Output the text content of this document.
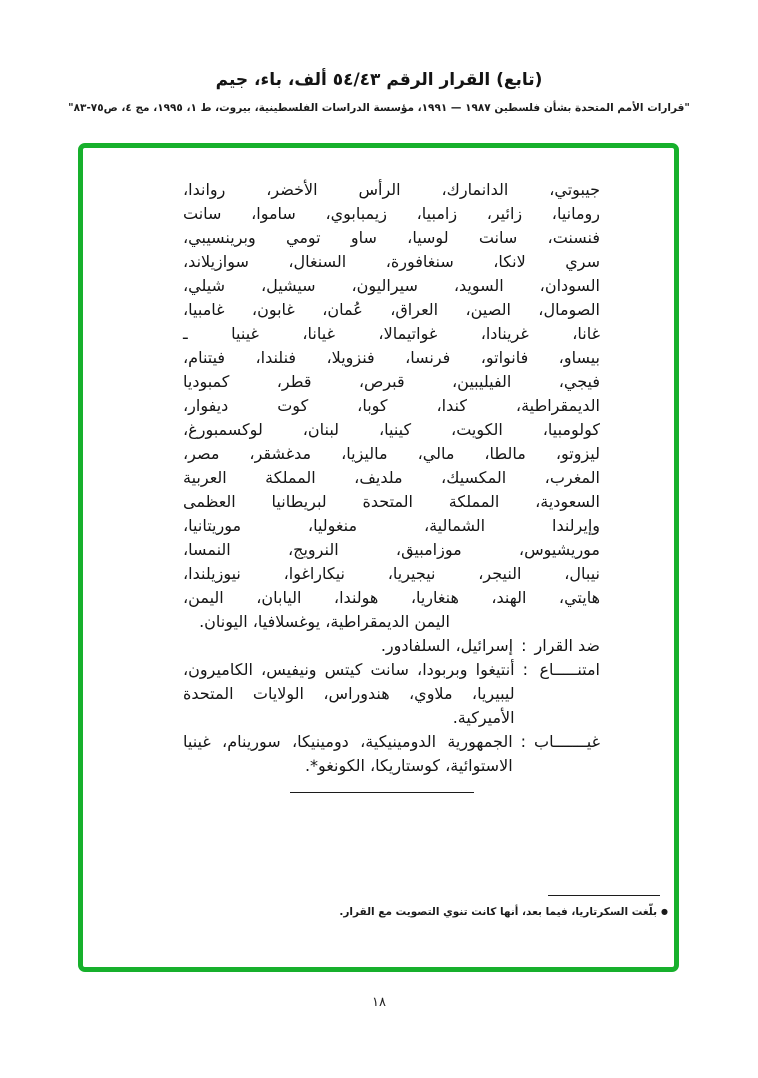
(تابع) القرار الرقم ٥٤/٤٣ ألف، باء، جيم
"قرارات الأمم المتحدة بشأن فلسطين ١٩٨٧ — ١٩٩١، مؤسسة الدراسات الفلسطينية، بيروت، ط ١، ١٩٩٥، مج ٤، ص٧٥-٨٣"
جيبوتي، الدانمارك، الرأس الأخضر، رواندا،
رومانيا، زائير، زامبيا، زيمبابوي، ساموا، سانت
فنسنت، سانت لوسيا، ساو تومي وبرينسيبي،
سري لانكا، سنغافورة، السنغال، سوازيلاند،
السودان، السويد، سيراليون، سيشيل، شيلي،
الصومال، الصين، العراق، عُمان، غابون، غامبيا،
غانا، غرينادا، غواتيمالا، غيانا، غينيا ـ
بيساو، فانواتو، فرنسا، فنزويلا، فنلندا، فيتنام،
فيجي، الفيليبين، قبرص، قطر، كمبوديا
الديمقراطية، كندا، كوبا، كوت ديفوار،
كولومبيا، الكويت، كينيا، لبنان، لوكسمبورغ،
ليزوتو، مالطا، مالي، ماليزيا، مدغشقر، مصر،
المغرب، المكسيك، ملديف، المملكة العربية
السعودية، المملكة المتحدة لبريطانيا العظمى
وإيرلندا الشمالية، منغوليا، موريتانيا،
موريشيوس، موزامبيق، النرويج، النمسا،
نيبال، النيجر، نيجيريا، نيكاراغوا، نيوزيلندا،
هايتي، الهند، هنغاريا، هولندا، اليابان، اليمن،
اليمن الديمقراطية، يوغسلافيا، اليونان.
ضد القرار
:
إسرائيل، السلفادور.
امتنـــــاع
:
أنتيغوا وبربودا، سانت كيتس ونيفيس، الكاميرون،
ليبيريا، ملاوي، هندوراس، الولايات المتحدة
الأميركية.
غيـــــــاب
:
الجمهورية الدومينيكية، دومينيكا، سورينام، غينيا
الاستوائية، كوستاريكا، الكونغو*.
●بلّغت السكرتاريا، فيما بعد، أنها كانت تنوي التصويت مع القرار.
١٨
